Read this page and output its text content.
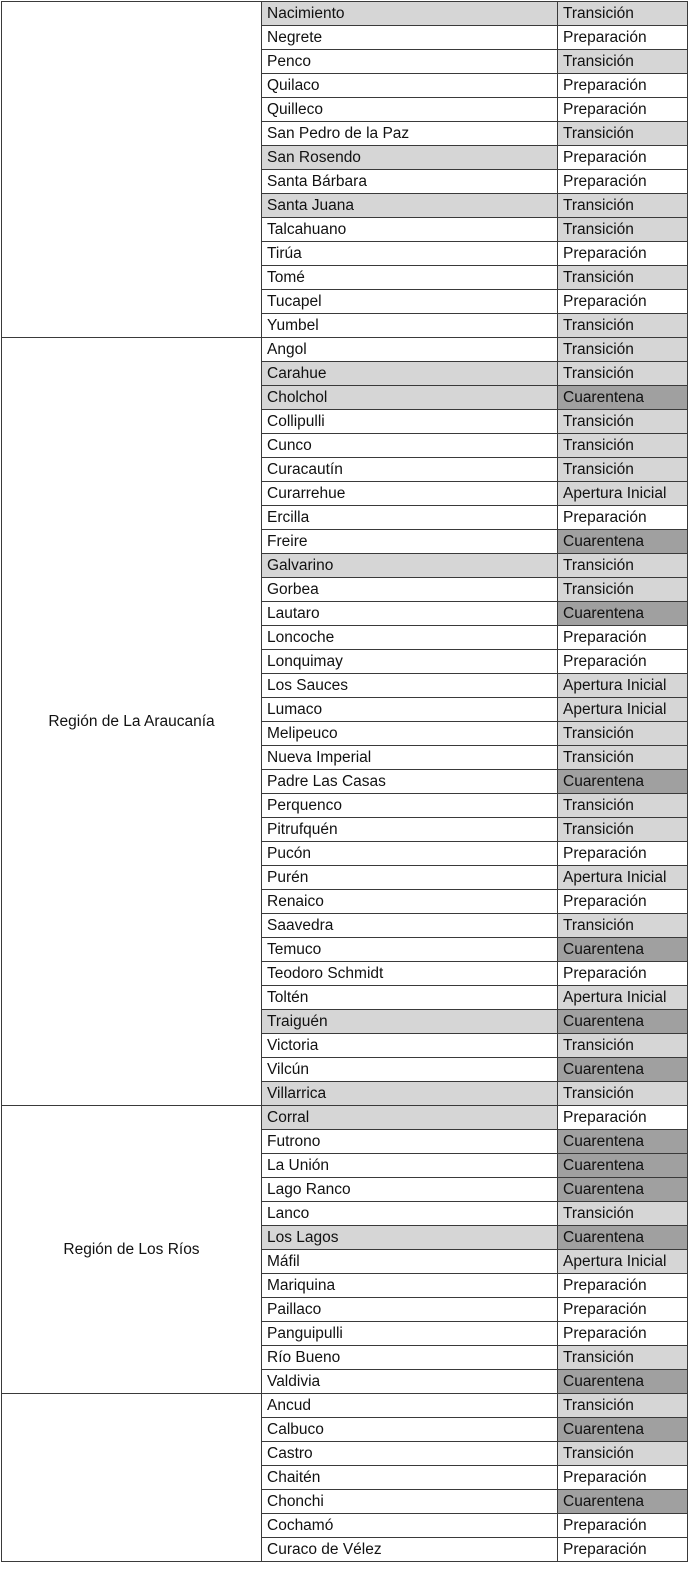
	Nacimiento	Transición
	Negrete	Preparación
	Penco	Transición
	Quilaco	Preparación
	Quilleco	Preparación
	San Pedro de la Paz	Transición
	San Rosendo	Preparación
	Santa Bárbara	Preparación
	Santa Juana	Transición
	Talcahuano	Transición
	Tirúa	Preparación
	Tomé	Transición
	Tucapel	Preparación
	Yumbel	Transición
Región de La Araucanía	Angol	Transición
	Carahue	Transición
	Cholchol	Cuarentena
	Collipulli	Transición
	Cunco	Transición
	Curacautín	Transición
	Curarrehue	Apertura Inicial
	Ercilla	Preparación
	Freire	Cuarentena
	Galvarino	Transición
	Gorbea	Transición
	Lautaro	Cuarentena
	Loncoche	Preparación
	Lonquimay	Preparación
	Los Sauces	Apertura Inicial
	Lumaco	Apertura Inicial
	Melipeuco	Transición
	Nueva Imperial	Transición
	Padre Las Casas	Cuarentena
	Perquenco	Transición
	Pitrufquén	Transición
	Pucón	Preparación
	Purén	Apertura Inicial
	Renaico	Preparación
	Saavedra	Transición
	Temuco	Cuarentena
	Teodoro Schmidt	Preparación
	Toltén	Apertura Inicial
	Traiguén	Cuarentena
	Victoria	Transición
	Vilcún	Cuarentena
	Villarrica	Transición
Región de Los Ríos	Corral	Preparación
	Futrono	Cuarentena
	La Unión	Cuarentena
	Lago Ranco	Cuarentena
	Lanco	Transición
	Los Lagos	Cuarentena
	Máfil	Apertura Inicial
	Mariquina	Preparación
	Paillaco	Preparación
	Panguipulli	Preparación
	Río Bueno	Transición
	Valdivia	Cuarentena
	Ancud	Transición
	Calbuco	Cuarentena
	Castro	Transición
	Chaitén	Preparación
	Chonchi	Cuarentena
	Cochamó	Preparación
	Curaco de Vélez	Preparación
